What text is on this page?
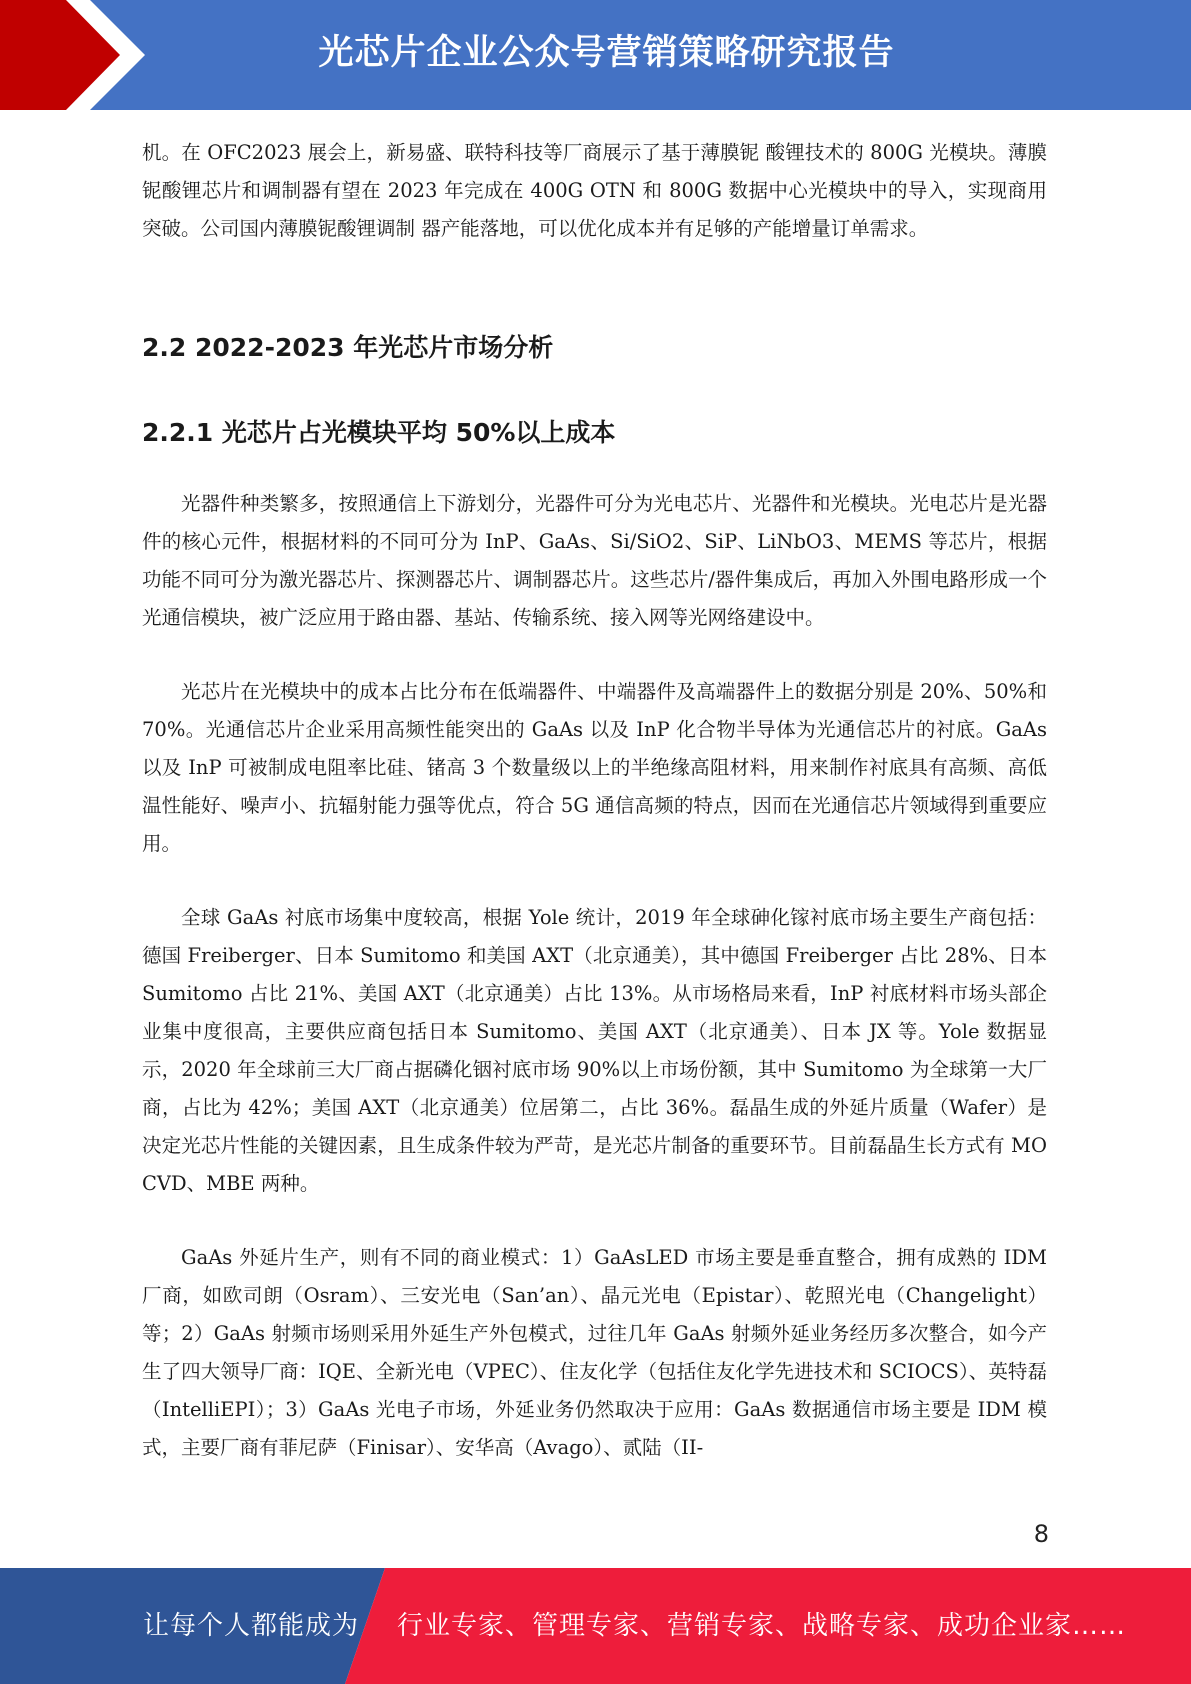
光芯片企业公众号营销策略研究报告

机。在 OFC2023 展会上，新易盛、联特科技等厂商展示了基于薄膜铌 酸锂技术的 800G 光模块。薄膜铌酸锂芯片和调制器有望在 2023 年完成在 400G OTN 和 800G 数据中心光模块中的导入，实现商用突破。公司国内薄膜铌酸锂调制 器产能落地，可以优化成本并有足够的产能增量订单需求。

2.2 2022-2023 年光芯片市场分析
2.2.1 光芯片占光模块平均 50%以上成本

光器件种类繁多，按照通信上下游划分，光器件可分为光电芯片、光器件和光模块。光电芯片是光器件的核心元件，根据材料的不同可分为 InP、GaAs、Si/SiO2、SiP、LiNbO3、MEMS 等芯片，根据功能不同可分为激光器芯片、探测器芯片、调制器芯片。这些芯片/器件集成后，再加入外围电路形成一个光通信模块，被广泛应用于路由器、基站、传输系统、接入网等光网络建设中。

光芯片在光模块中的成本占比分布在低端器件、中端器件及高端器件上的数据分别是 20%、50%和 70%。光通信芯片企业采用高频性能突出的 GaAs 以及 InP 化合物半导体为光通信芯片的衬底。GaAs 以及 InP 可被制成电阻率比硅、锗高 3 个数量级以上的半绝缘高阻材料，用来制作衬底具有高频、高低温性能好、噪声小、抗辐射能力强等优点，符合 5G 通信高频的特点，因而在光通信芯片领域得到重要应用。

全球 GaAs 衬底市场集中度较高，根据 Yole 统计，2019 年全球砷化镓衬底市场主要生产商包括：德国 Freiberger、日本 Sumitomo 和美国 AXT（北京通美），其中德国 Freiberger 占比 28%、日本 Sumitomo 占比 21%、美国 AXT（北京通美）占比 13%。从市场格局来看，InP 衬底材料市场头部企业集中度很高，主要供应商包括日本 Sumitomo、美国 AXT（北京通美）、日本 JX 等。Yole 数据显示，2020 年全球前三大厂商占据磷化铟衬底市场 90%以上市场份额，其中 Sumitomo 为全球第一大厂商，占比为 42%；美国 AXT（北京通美）位居第二，占比 36%。磊晶生成的外延片质量（Wafer）是决定光芯片性能的关键因素，且生成条件较为严苛，是光芯片制备的重要环节。目前磊晶生长方式有 MOCVD、MBE 两种。

GaAs 外延片生产，则有不同的商业模式：1）GaAsLED 市场主要是垂直整合，拥有成熟的 IDM 厂商，如欧司朗（Osram）、三安光电（San’an）、晶元光电（Epistar）、乾照光电（Changelight）等；2）GaAs 射频市场则采用外延生产外包模式，过往几年 GaAs 射频外延业务经历多次整合，如今产生了四大领导厂商：IQE、全新光电（VPEC）、住友化学（包括住友化学先进技术和 SCIOCS）、英特磊（IntelliEPI）；3）GaAs 光电子市场，外延业务仍然取决于应用：GaAs 数据通信市场主要是 IDM 模式，主要厂商有菲尼萨（Finisar）、安华高（Avago）、贰陆（II-

8
让每个人都能成为 行业专家、管理专家、营销专家、战略专家、成功企业家……
